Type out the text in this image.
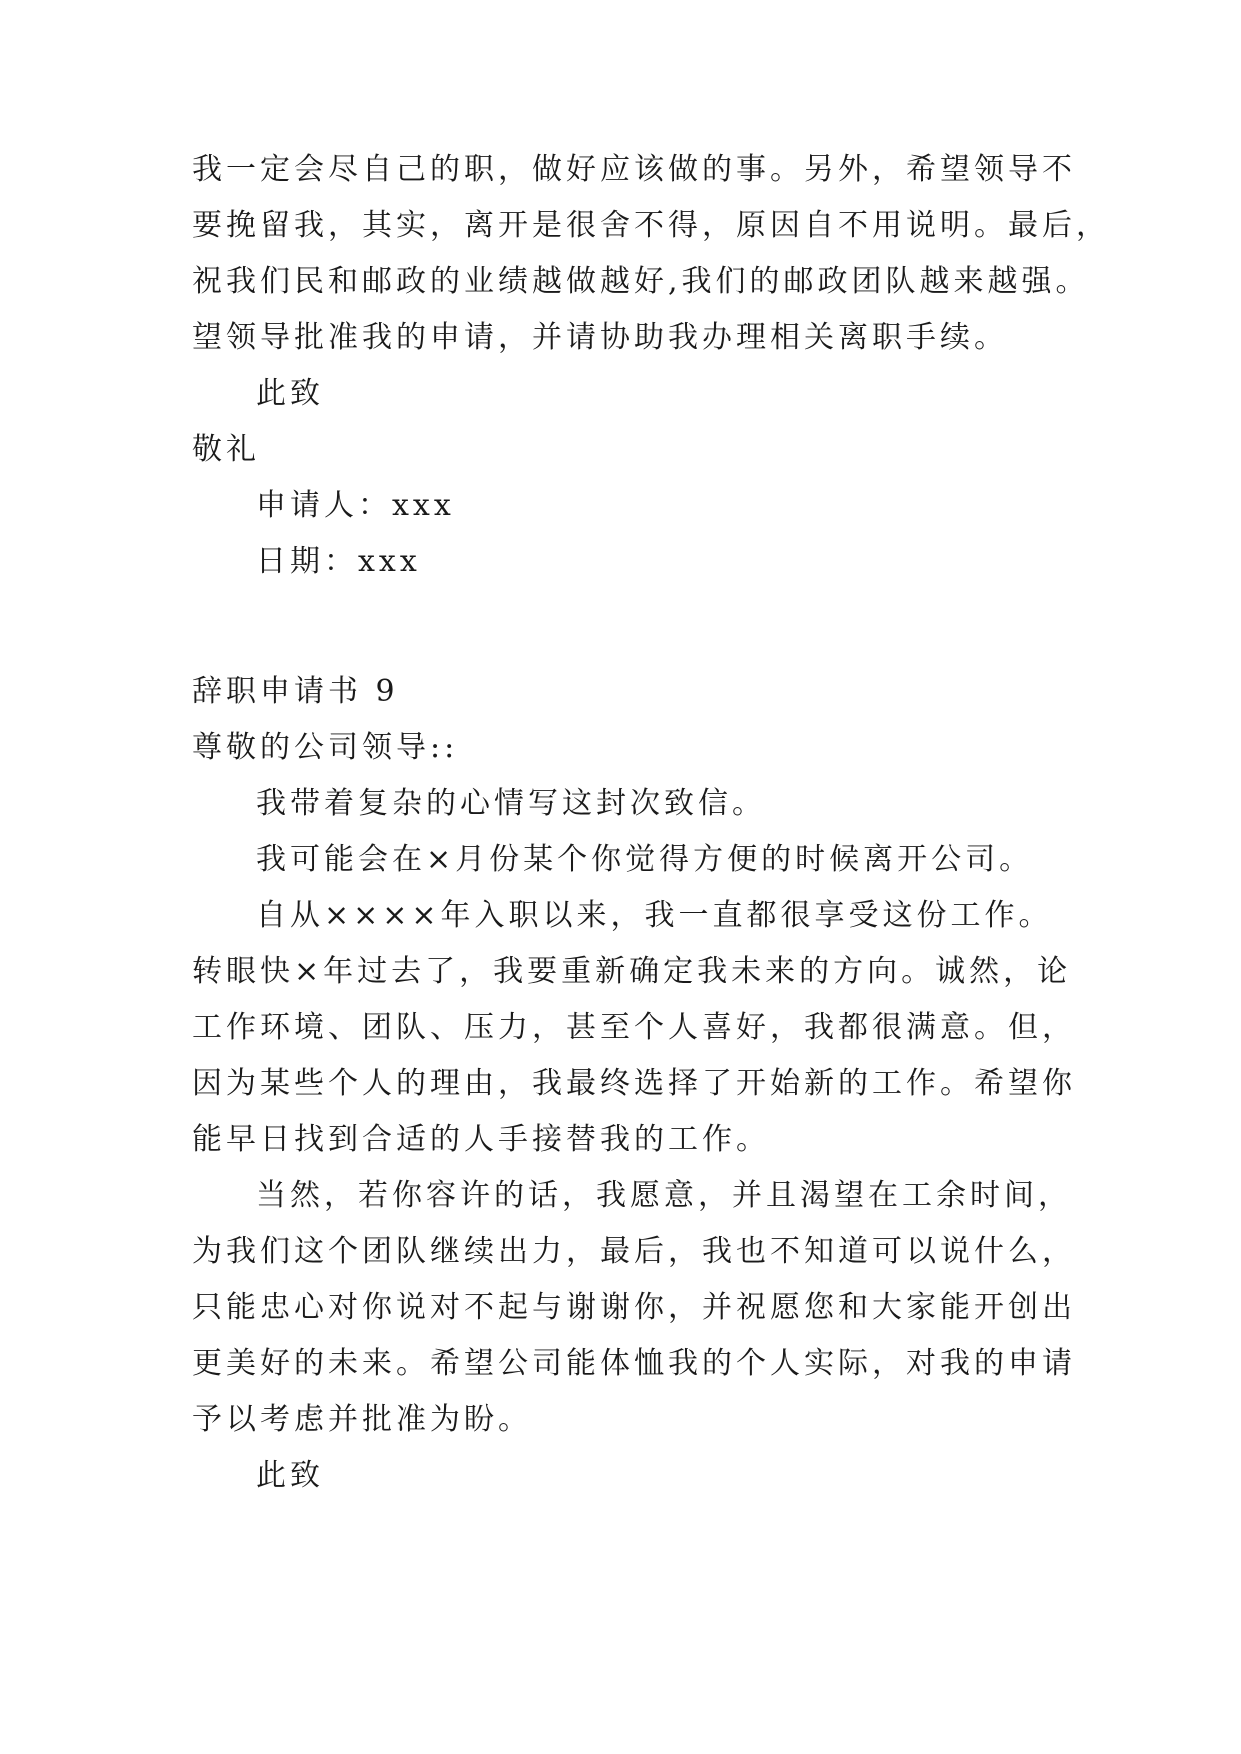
我一定会尽自己的职，做好应该做的事。另外，希望领导不
要挽留我，其实，离开是很舍不得，原因自不用说明。最后，
祝我们民和邮政的业绩越做越好,我们的邮政团队越来越强。
望领导批准我的申请，并请协助我办理相关离职手续。
此致
敬礼
申请人：xxx
日期：xxx
辞职申请书 9
尊敬的公司领导::
我带着复杂的心情写这封次致信。
我可能会在×月份某个你觉得方便的时候离开公司。
自从××××年入职以来，我一直都很享受这份工作。
转眼快×年过去了，我要重新确定我未来的方向。诚然，论
工作环境、团队、压力，甚至个人喜好，我都很满意。但，
因为某些个人的理由，我最终选择了开始新的工作。希望你
能早日找到合适的人手接替我的工作。
当然，若你容许的话，我愿意，并且渴望在工余时间，
为我们这个团队继续出力，最后，我也不知道可以说什么，
只能忠心对你说对不起与谢谢你，并祝愿您和大家能开创出
更美好的未来。希望公司能体恤我的个人实际，对我的申请
予以考虑并批准为盼。
此致
